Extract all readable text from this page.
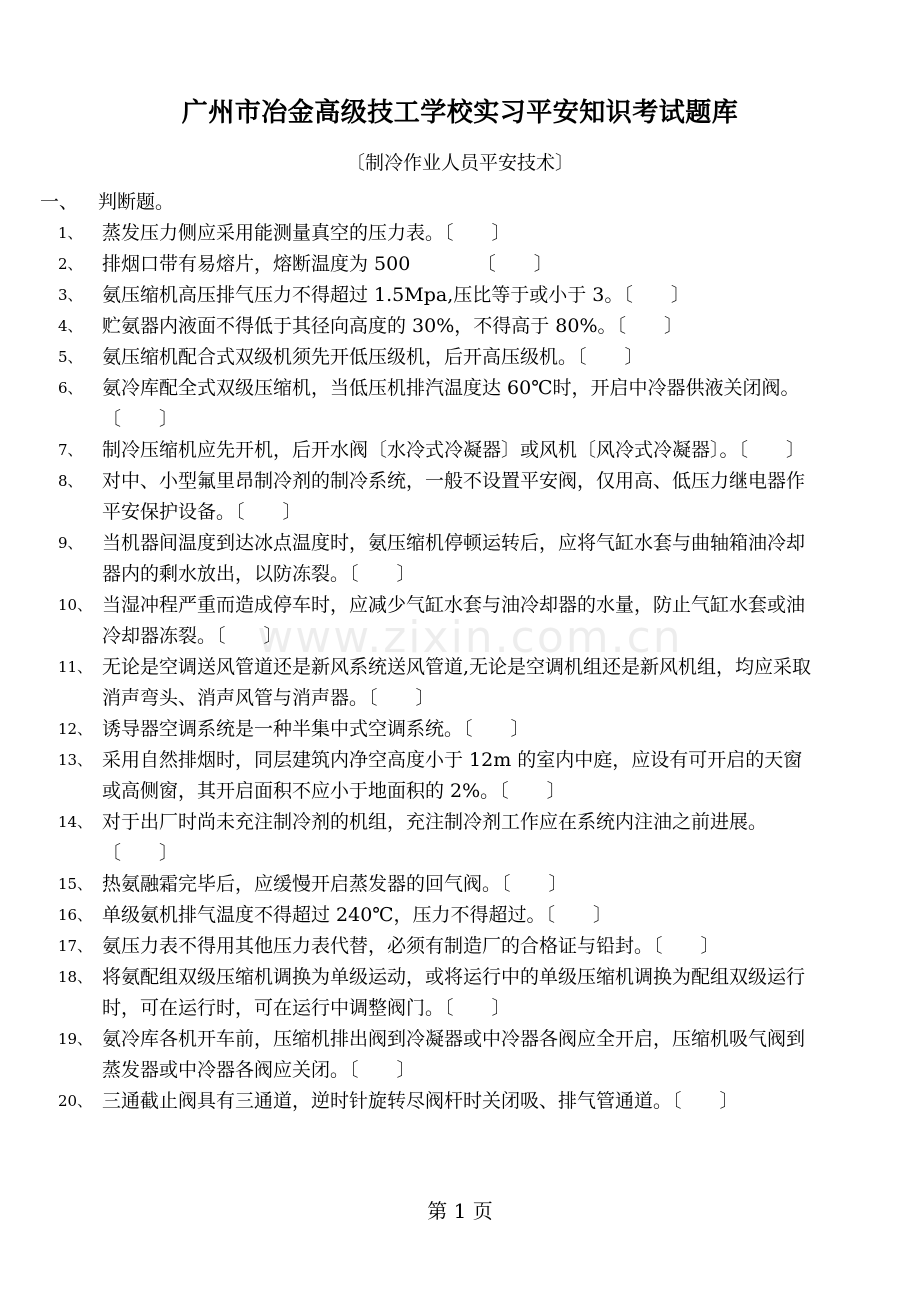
广州市冶金高级技工学校实习平安知识考试题库
〔制冷作业人员平安技术〕
一、 判断题。
1、 蒸发压力侧应采用能测量真空的压力表。〔　　〕
2、 排烟口带有易熔片，熔断温度为 500　　　　〔　　〕
3、 氨压缩机高压排气压力不得超过 1.5Mpa,压比等于或小于 3。〔　　〕
4、 贮氨器内液面不得低于其径向高度的 30%，不得高于 80%。〔　　〕
5、 氨压缩机配合式双级机须先开低压级机，后开高压级机。〔　　〕
6、 氨冷库配全式双级压缩机，当低压机排汽温度达 60℃时，开启中冷器供液关闭阀。〔　　〕
7、 制冷压缩机应先开机，后开水阀〔水冷式冷凝器〕或风机〔风冷式冷凝器〕。〔　　〕
8、 对中、小型氟里昂制冷剂的制冷系统，一般不设置平安阀，仅用高、低压力继电器作平安保护设备。〔　　〕
9、 当机器间温度到达冰点温度时，氨压缩机停顿运转后，应将气缸水套与曲轴箱油冷却器内的剩水放出，以防冻裂。〔　　〕
10、 当湿冲程严重而造成停车时，应减少气缸水套与油冷却器的水量，防止气缸水套或油冷却器冻裂。〔　　〕
11、 无论是空调送风管道还是新风系统送风管道,无论是空调机组还是新风机组，均应采取消声弯头、消声风管与消声器。〔　　〕
12、 诱导器空调系统是一种半集中式空调系统。〔　　〕
13、 采用自然排烟时，同层建筑内净空高度小于 12m 的室内中庭，应设有可开启的天窗或高侧窗，其开启面积不应小于地面积的 2%。〔　　〕
14、 对于出厂时尚未充注制冷剂的机组，充注制冷剂工作应在系统内注油之前进展。〔　　〕
15、 热氨融霜完毕后，应缓慢开启蒸发器的回气阀。〔　　〕
16、 单级氨机排气温度不得超过 240℃，压力不得超过。〔　　〕
17、 氨压力表不得用其他压力表代替，必须有制造厂的合格证与铅封。〔　　〕
18、 将氨配组双级压缩机调换为单级运动，或将运行中的单级压缩机调换为配组双级运行时，可在运行时，可在运行中调整阀门。〔　　〕
19、 氨冷库各机开车前，压缩机排出阀到冷凝器或中冷器各阀应全开启，压缩机吸气阀到蒸发器或中冷器各阀应关闭。〔　　〕
20、 三通截止阀具有三通道，逆时针旋转尽阀杆时关闭吸、排气管通道。〔　　〕
www.zixin.com.cn
第 1 页
